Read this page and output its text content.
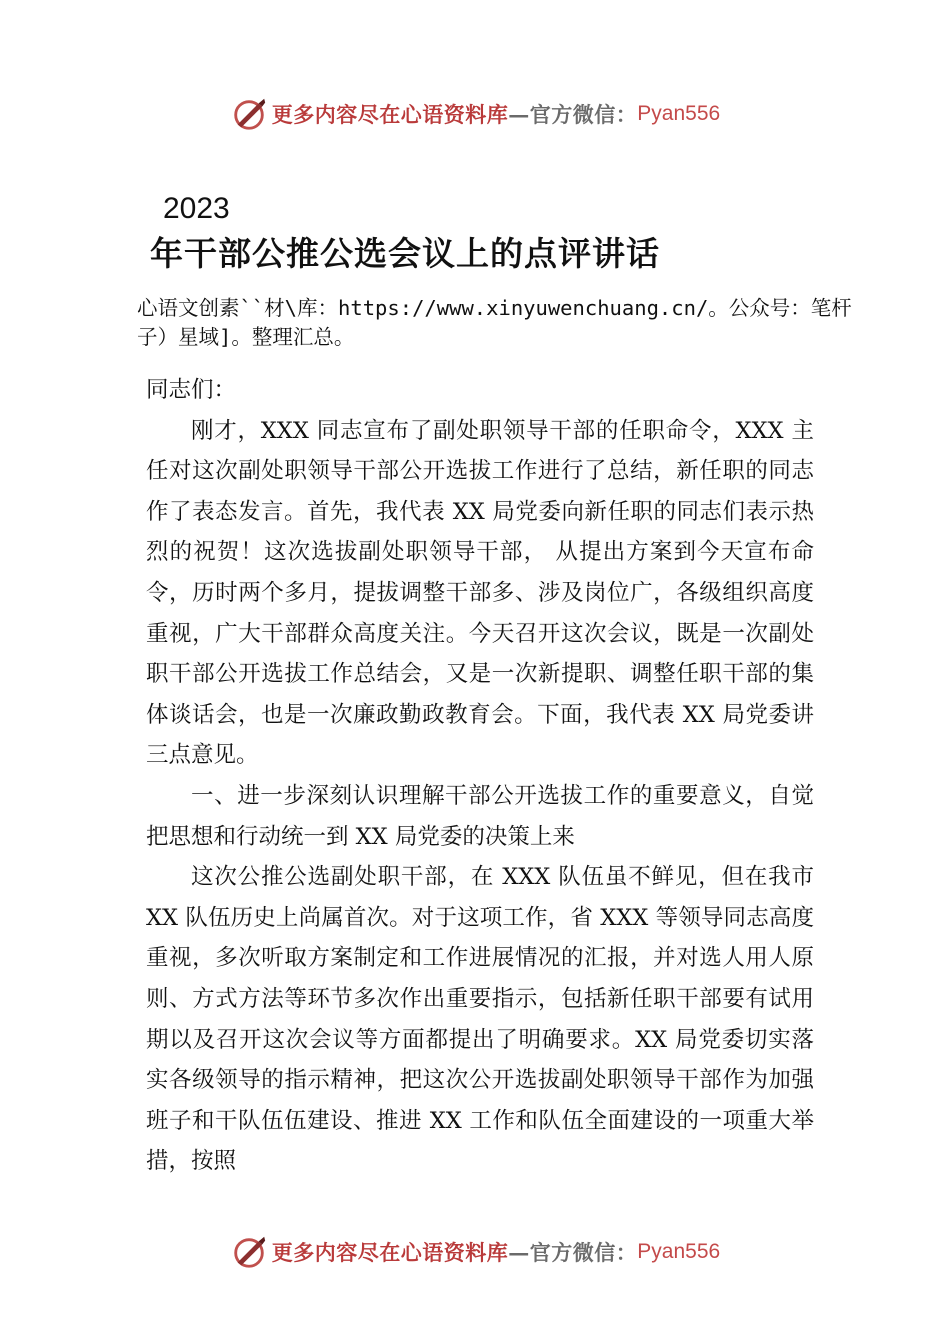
更多内容尽在心语资料库 — 官方微信： Pyan556
2023
年干部公推公选会议上的点评讲话
心语文创素``材\库：https://www.xinyuwenchuang.cn/。公众号：笔杆子）星域]。整理汇总。

同志们：

刚才，XXX 同志宣布了副处职领导干部的任职命令，XXX 主任对这次副处职领导干部公开选拔工作进行了总结，新任职的同志作了表态发言。首先，我代表 XX 局党委向新任职的同志们表示热烈的祝贺！这次选拔副处职领导干部， 从提出方案到今天宣布命令，历时两个多月，提拔调整干部多、涉及岗位广，各级组织高度重视，广大干部群众高度关注。今天召开这次会议，既是一次副处职干部公开选拔工作总结会，又是一次新提职、调整任职干部的集体谈话会，也是一次廉政勤政教育会。下面，我代表 XX 局党委讲三点意见。

一、进一步深刻认识理解干部公开选拔工作的重要意义，自觉把思想和行动统一到 XX 局党委的决策上来

这次公推公选副处职干部，在 XXX 队伍虽不鲜见，但在我市 XX 队伍历史上尚属首次。对于这项工作，省 XXX 等领导同志高度重视，多次听取方案制定和工作进展情况的汇报，并对选人用人原则、方式方法等环节多次作出重要指示，包括新任职干部要有试用期以及召开这次会议等方面都提出了明确要求。XX 局党委切实落实各级领导的指示精神，把这次公开选拔副处职领导干部作为加强班子和干队伍伍建设、推进 XX 工作和队伍全面建设的一项重大举措，按照

更多内容尽在心语资料库 — 官方微信： Pyan556
